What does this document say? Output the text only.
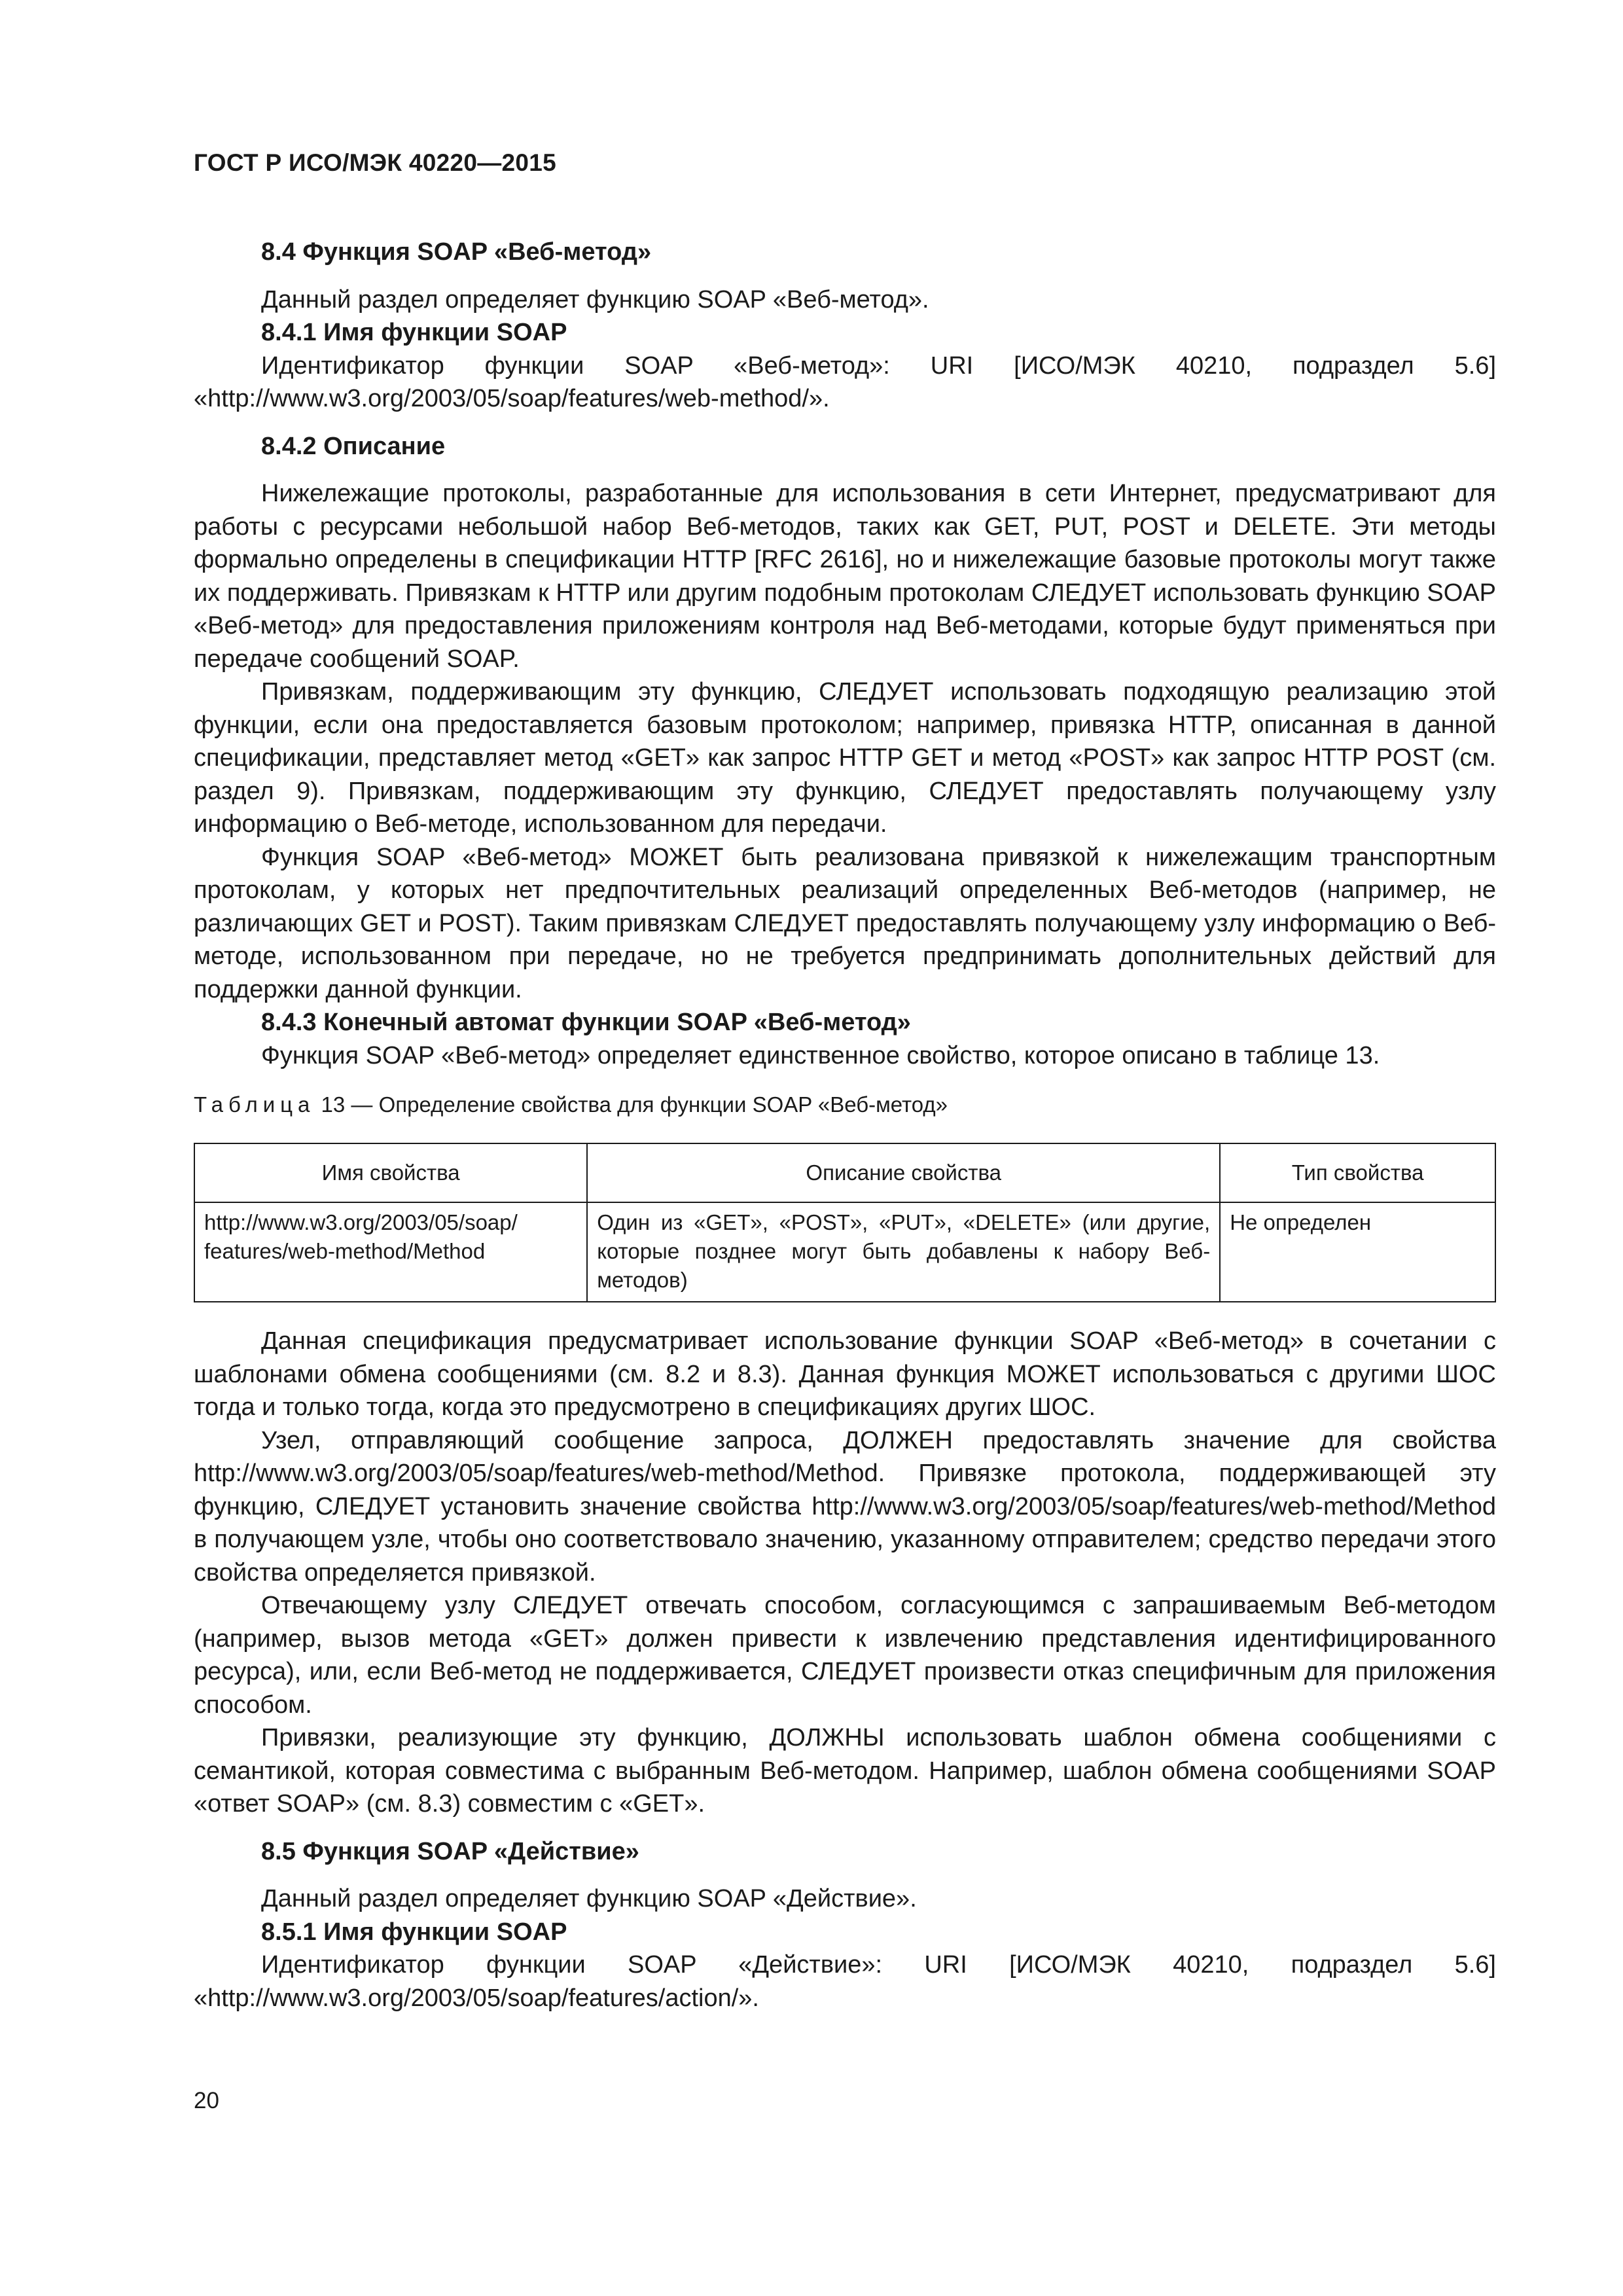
ГОСТ Р ИСО/МЭК 40220—2015
8.4 Функция SOAP «Веб-метод»

Данный раздел определяет функцию SOAP «Веб-метод».

8.4.1 Имя функции SOAP

Идентификатор функции SOAP «Веб-метод»: URI [ИСО/МЭК 40210, подраздел 5.6] «http://www.w3.org/2003/05/soap/features/web-method/».

8.4.2 Описание

Нижележащие протоколы, разработанные для использования в сети Интернет, предусматривают для работы с ресурсами небольшой набор Веб-методов, таких как GET, PUT, POST и DELETE. Эти методы формально определены в спецификации HTTP [RFC 2616], но и нижележащие базовые протоколы могут также их поддерживать. Привязкам к HTTP или другим подобным протоколам СЛЕДУЕТ использовать функцию SOAP «Веб-метод» для предоставления приложениям контроля над Веб-методами, которые будут применяться при передаче сообщений SOAP.

Привязкам, поддерживающим эту функцию, СЛЕДУЕТ использовать подходящую реализацию этой функции, если она предоставляется базовым протоколом; например, привязка HTTP, описанная в данной спецификации, представляет метод «GET» как запрос HTTP GET и метод «POST» как запрос HTTP POST (см. раздел 9). Привязкам, поддерживающим эту функцию, СЛЕДУЕТ предоставлять получающему узлу информацию о Веб-методе, использованном для передачи.

Функция SOAP «Веб-метод» МОЖЕТ быть реализована привязкой к нижележащим транспортным протоколам, у которых нет предпочтительных реализаций определенных Веб-методов (например, не различающих GET и POST). Таким привязкам СЛЕДУЕТ предоставлять получающему узлу информацию о Веб-методе, использованном при передаче, но не требуется предпринимать дополнительных действий для поддержки данной функции.

8.4.3 Конечный автомат функции SOAP «Веб-метод»

Функция SOAP «Веб-метод» определяет единственное свойство, которое описано в таблице 13.

Таблица 13 — Определение свойства для функции SOAP «Веб-метод»
Имя свойства	Описание свойства	Тип свойства
http://www.w3.org/2003/05/soap/
features/web-method/Method	Один из «GET», «POST», «PUT», «DELETE» (или другие, которые позднее могут быть добавлены к набору Веб-методов)	Не определен

Данная спецификация предусматривает использование функции SOAP «Веб-метод» в сочетании с шаблонами обмена сообщениями (см. 8.2 и 8.3). Данная функция МОЖЕТ использоваться с другими ШОС тогда и только тогда, когда это предусмотрено в спецификациях других ШОС.

Узел, отправляющий сообщение запроса, ДОЛЖЕН предоставлять значение для свойства http://www.w3.org/2003/05/soap/features/web-method/Method. Привязке протокола, поддерживающей эту функцию, СЛЕДУЕТ установить значение свойства http://www.w3.org/2003/05/soap/features/web-method/Method в получающем узле, чтобы оно соответствовало значению, указанному отправителем; средство передачи этого свойства определяется привязкой.

Отвечающему узлу СЛЕДУЕТ отвечать способом, согласующимся с запрашиваемым Веб-методом (например, вызов метода «GET» должен привести к извлечению представления идентифицированного ресурса), или, если Веб-метод не поддерживается, СЛЕДУЕТ произвести отказ специфичным для приложения способом.

Привязки, реализующие эту функцию, ДОЛЖНЫ использовать шаблон обмена сообщениями с семантикой, которая совместима с выбранным Веб-методом. Например, шаблон обмена сообщениями SOAP «ответ SOAP» (см. 8.3) совместим с «GET».

8.5 Функция SOAP «Действие»

Данный раздел определяет функцию SOAP «Действие».

8.5.1 Имя функции SOAP

Идентификатор функции SOAP «Действие»: URI [ИСО/МЭК 40210, подраздел 5.6] «http://www.w3.org/2003/05/soap/features/action/».

20
